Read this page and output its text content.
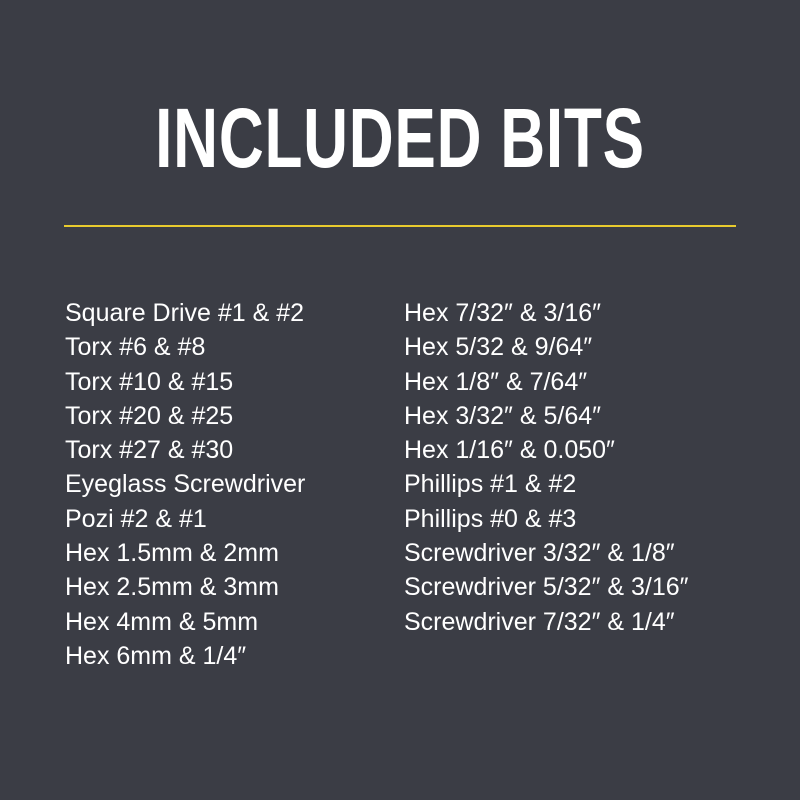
INCLUDED BITS
Square Drive #1 & #2
Torx #6 & #8
Torx #10 & #15
Torx #20 & #25
Torx #27 & #30
Eyeglass Screwdriver
Pozi #2 & #1
Hex 1.5mm & 2mm
Hex 2.5mm & 3mm
Hex 4mm & 5mm
Hex 6mm & 1/4″
Hex 7/32″ & 3/16″
Hex 5/32 & 9/64″
Hex 1/8″ & 7/64″
Hex 3/32″ & 5/64″
Hex 1/16″ & 0.050″
Phillips #1 & #2
Phillips #0 & #3
Screwdriver 3/32″ & 1/8″
Screwdriver 5/32″ & 3/16″
Screwdriver 7/32″ & 1/4″
